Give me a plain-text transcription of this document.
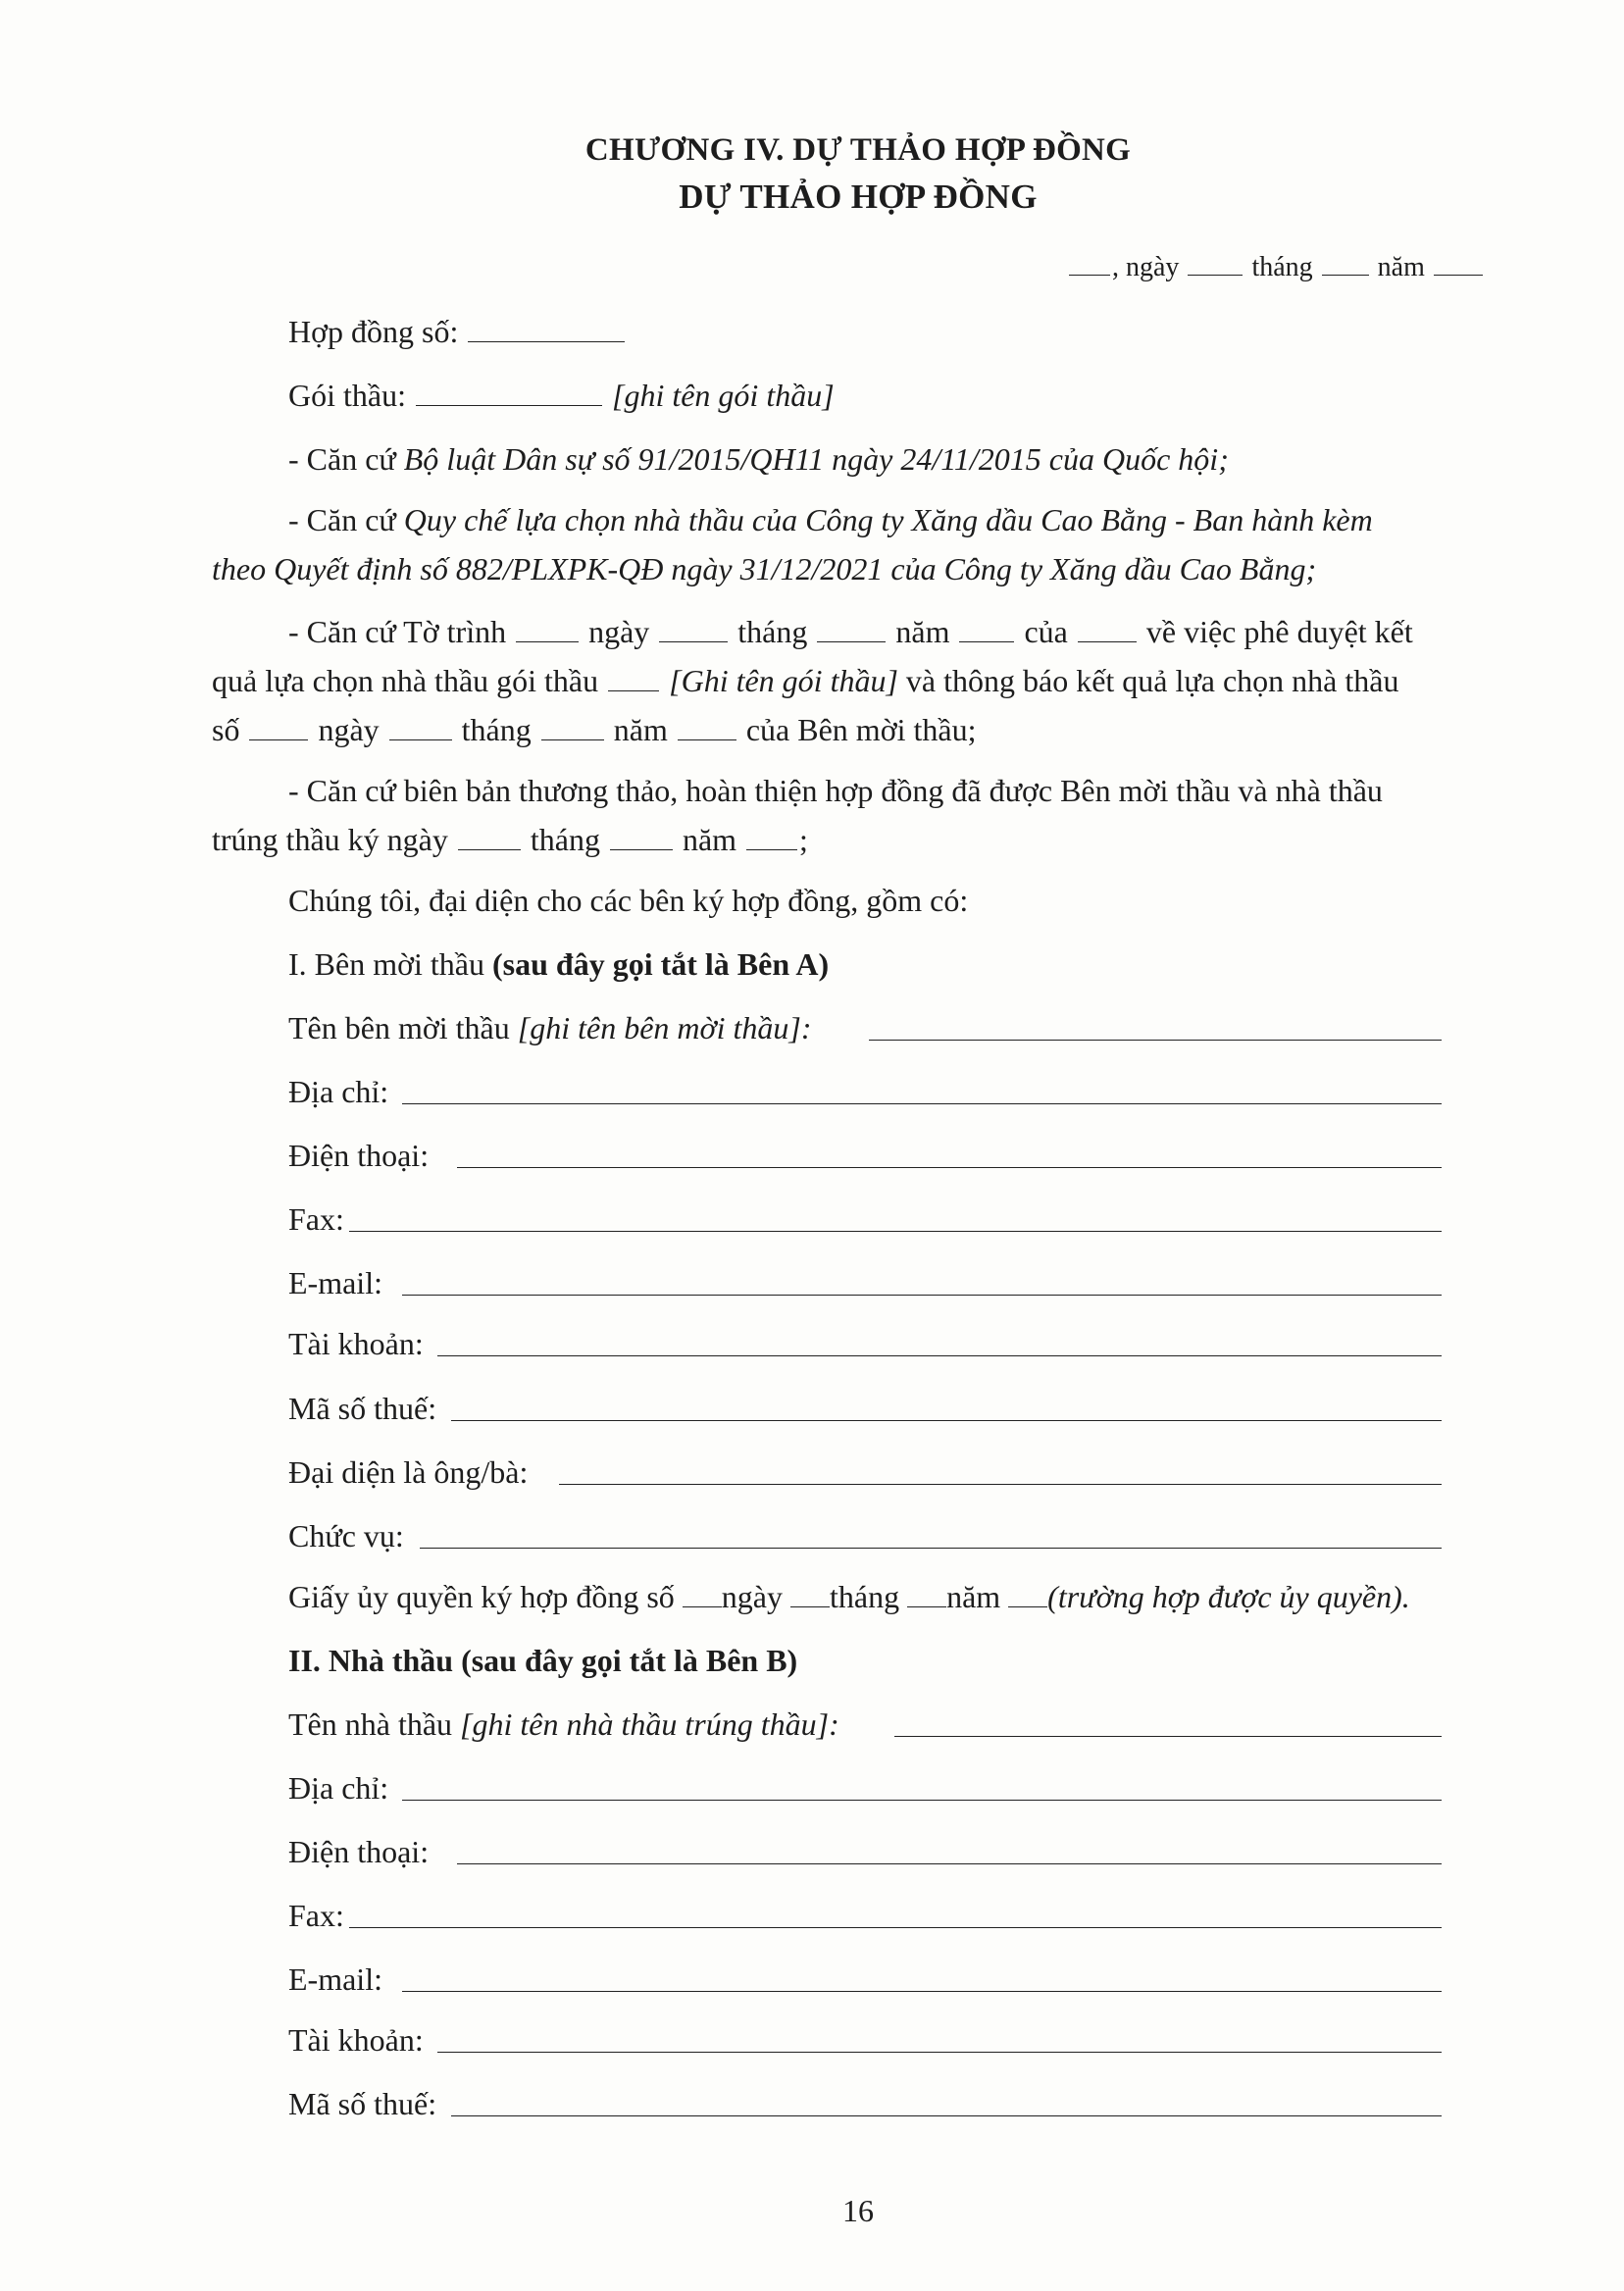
CHƯƠNG IV. DỰ THẢO HỢP ĐỒNG
DỰ THẢO HỢP ĐỒNG
, ngày	tháng năm
Hợp đồng số:
Gói thầu:	[ghi tên gói thầu]
- Căn cứ Bộ luật Dân sự số 91/2015/QH11 ngày 24/11/2015 của Quốc hội;
- Căn cứ Quy chế lựa chọn nhà thầu của Công ty Xăng dầu Cao Bằng - Ban hành kèm
theo Quyết định số 882/PLXPK-QĐ ngày 31/12/2021 của Công ty Xăng dầu Cao Bằng;
- Căn cứ Tờ trình	ngày	tháng	năm của	về việc phê duyệt kết
quả lựa chọn nhà thầu gói thầu [Ghi tên gói thầu] và thông báo kết quả lựa chọn nhà thầu
số	ngày	tháng	năm	của Bên mời thầu;
- Căn cứ biên bản thương thảo, hoàn thiện hợp đồng đã được Bên mời thầu và nhà thầu
trúng thầu ký ngày	tháng	năm ;
Chúng tôi, đại diện cho các bên ký hợp đồng, gồm có:
I. Bên mời thầu (sau đây gọi tắt là Bên A)
Tên bên mời thầu [ghi tên bên mời thầu]:
Địa chỉ:
Điện thoại:
Fax:
E-mail:
Tài khoản:
Mã số thuế:
Đại diện là ông/bà:
Chức vụ:
Giấy ủy quyền ký hợp đồng số ngày tháng năm (trường hợp được ủy quyền).
II. Nhà thầu (sau đây gọi tắt là Bên B)
Tên nhà thầu [ghi tên nhà thầu trúng thầu]:
Địa chỉ:
Điện thoại:
Fax:
E-mail:
Tài khoản:
Mã số thuế:
16
